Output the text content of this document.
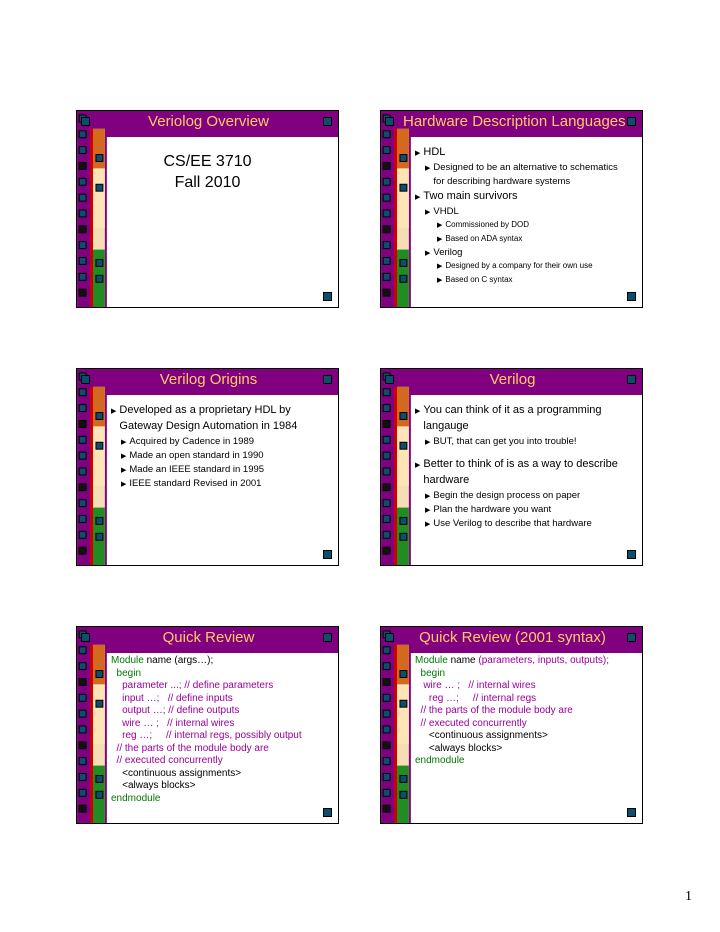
Veriolog Overview
CS/EE 3710
Fall 2010
Hardware Description Languages
▶ HDL
▶ Designed to be an alternative to schematics
for describing hardware systems
▶ Two main survivors
▶ VHDL
▶ Commissioned by DOD
▶ Based on ADA syntax
▶ Verilog
▶ Designed by a company for their own use
▶ Based on C syntax
Verilog Origins
▶ Developed as a proprietary HDL by
Gateway Design Automation in 1984
▶ Acquired by Cadence in 1989
▶ Made an open standard in 1990
▶ Made an IEEE standard in 1995
▶ IEEE standard Revised in 2001
Verilog
▶ You can think of it as a programming
langauge
▶ BUT, that can get you into trouble!
▶ Better to think of is as a way to describe
hardware
▶ Begin the design process on paper
▶ Plan the hardware you want
▶ Use Verilog to describe that hardware
Quick Review
Module name (args…);
begin
parameter ...; // define parameters
input …;   // define inputs
output …; // define outputs
wire … ;   // internal wires
reg …;     // internal regs, possibly output
// the parts of the module body are
// executed concurrently
<continuous assignments>
<always blocks>
endmodule
Quick Review (2001 syntax)
Module name (parameters, inputs, outputs);
begin
wire … ;   // internal wires
reg …;     // internal regs
// the parts of the module body are
// executed concurrently
<continuous assignments>
<always blocks>
endmodule
1
